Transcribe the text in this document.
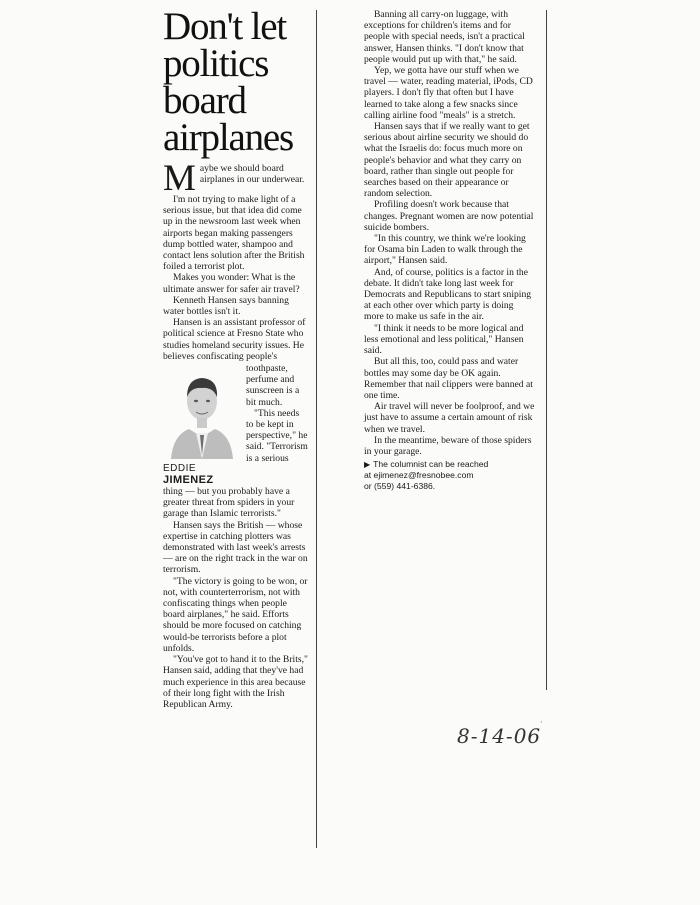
Don't let
politics
board
airplanes
M aybe we should board airplanes in our underwear.

I'm not trying to make light of a serious issue, but that idea did come up in the newsroom last week when airports began making passengers dump bottled water, shampoo and contact lens solution after the British foiled a terrorist plot.

Makes you wonder: What is the ultimate answer for safer air travel?

Kenneth Hansen says banning water bottles isn't it.

Hansen is an assistant professor of political science at Fresno State who studies homeland security issues. He believes confiscating people's

EDDIE
JIMENEZ

toothpaste, perfume and sunscreen is a bit much.

"This needs to be kept in perspective," he said. "Terrorism is a serious

thing — but you probably have a greater threat from spiders in your garage than Islamic terrorists."

Hansen says the British — whose expertise in catching plotters was demonstrated with last week's arrests — are on the right track in the war on terrorism.

"The victory is going to be won, or not, with counterterrorism, not with confiscating things when people board airplanes," he said. Efforts should be more focused on catching would-be terrorists before a plot unfolds.

"You've got to hand it to the Brits," Hansen said, adding that they've had much experience in this area because of their long fight with the Irish Republican Army.

Banning all carry-on luggage, with exceptions for children's items and for people with special needs, isn't a practical answer, Hansen thinks. "I don't know that people would put up with that," he said.

Yep, we gotta have our stuff when we travel — water, reading material, iPods, CD players. I don't fly that often but I have learned to take along a few snacks since calling airline food "meals" is a stretch.

Hansen says that if we really want to get serious about airline security we should do what the Israelis do: focus much more on people's behavior and what they carry on board, rather than single out people for searches based on their appearance or random selection.

Profiling doesn't work because that changes. Pregnant women are now potential suicide bombers.

"In this country, we think we're looking for Osama bin Laden to walk through the airport," Hansen said.

And, of course, politics is a factor in the debate. It didn't take long last week for Democrats and Republicans to start sniping at each other over which party is doing more to make us safe in the air.

"I think it needs to be more logical and less emotional and less political," Hansen said.

But all this, too, could pass and water bottles may some day be OK again. Remember that nail clippers were banned at one time.

Air travel will never be foolproof, and we just have to assume a certain amount of risk when we travel.

In the meantime, beware of those spiders in your garage.

▶ The columnist can be reached
at ejimenez@fresnobee.com
or (559) 441-6386.
8-14-06
·
